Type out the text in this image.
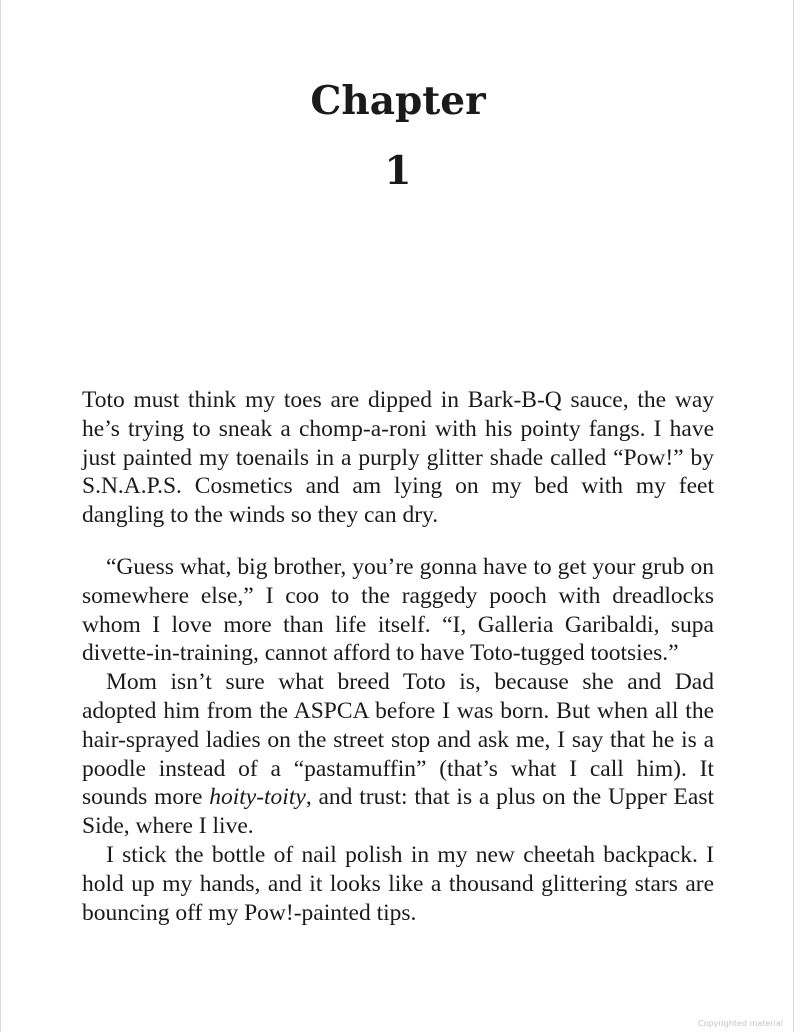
Chapter
1

Toto must think my toes are dipped in Bark-B-Q sauce, the way he’s trying to sneak a chomp-a-roni with his pointy fangs. I have just painted my toenails in a purply glitter shade called “Pow!” by S.N.A.P.S. Cosmetics and am lying on my bed with my feet dangling to the winds so they can dry.

“Guess what, big brother, you’re gonna have to get your grub on somewhere else,” I coo to the raggedy pooch with dreadlocks whom I love more than life itself. “I, Galleria Garibaldi, supa divette-in-training, cannot afford to have Toto-tugged tootsies.”

Mom isn’t sure what breed Toto is, because she and Dad adopted him from the ASPCA before I was born. But when all the hair-sprayed ladies on the street stop and ask me, I say that he is a poodle instead of a “pastamuffin” (that’s what I call him). It sounds more hoity-toity, and trust: that is a plus on the Upper East Side, where I live.

I stick the bottle of nail polish in my new cheetah backpack. I hold up my hands, and it looks like a thousand glittering stars are bouncing off my Pow!-painted tips.

Copyrighted material
